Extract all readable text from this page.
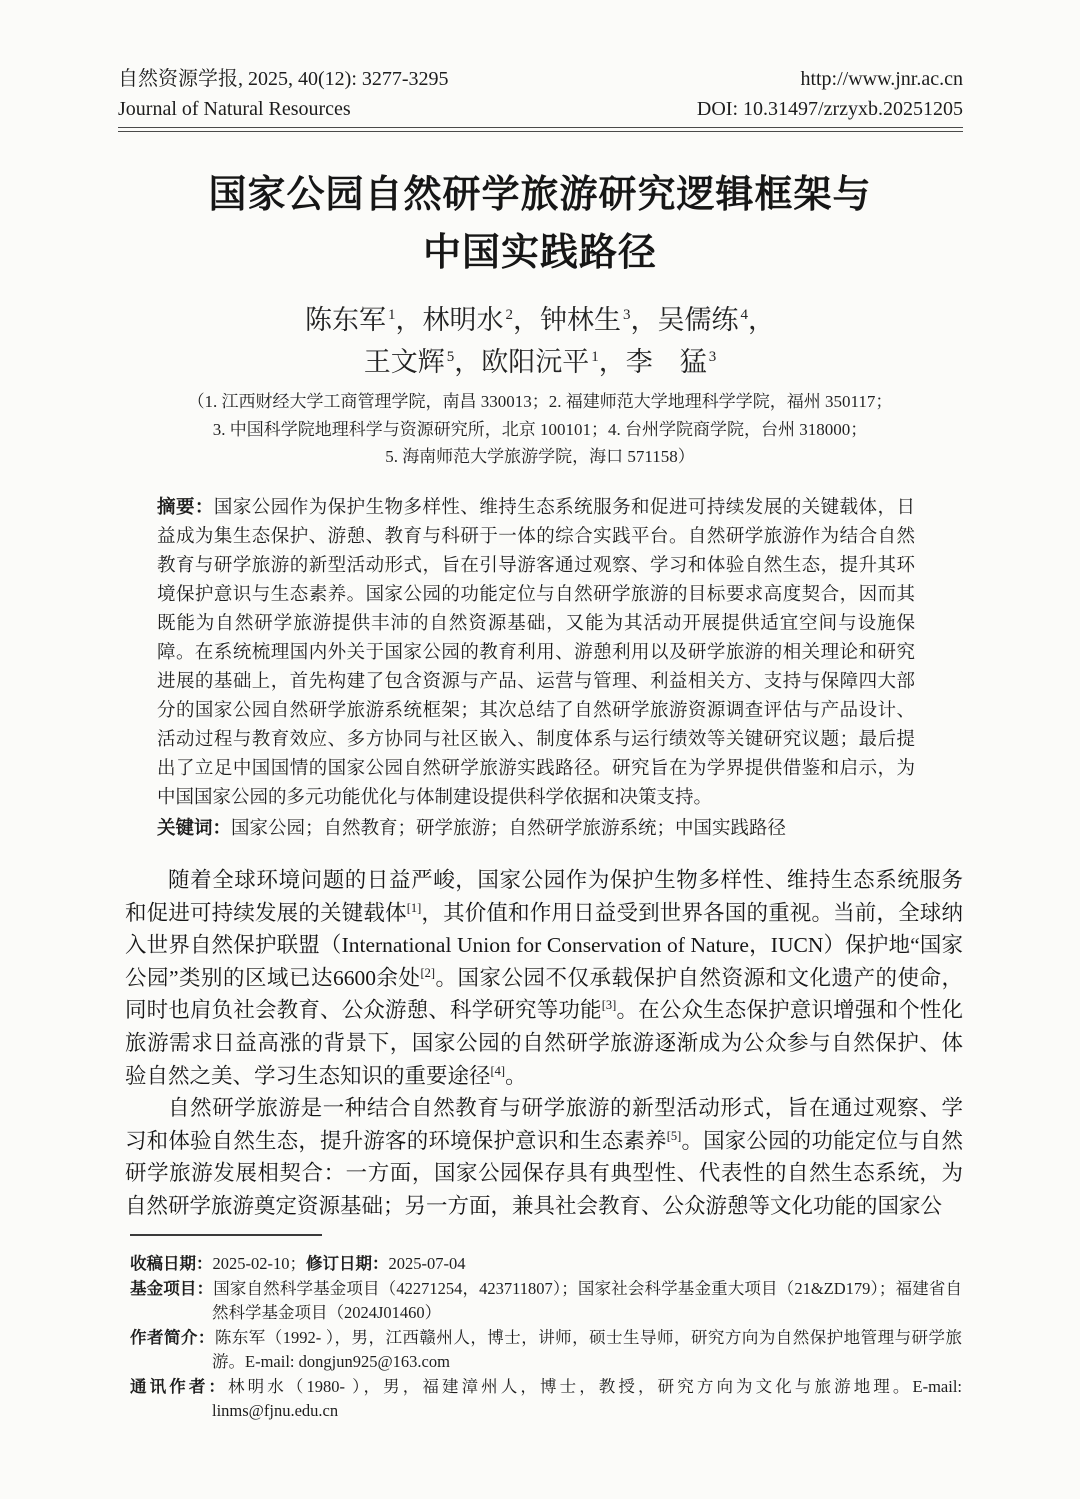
自然资源学报, 2025, 40(12): 3277-3295	http://www.jnr.ac.cn
Journal of Natural Resources	DOI: 10.31497/zrzyxb.20251205
国家公园自然研学旅游研究逻辑框架与
中国实践路径
陈东军 $^1$，林明水 $^2$，钟林生 $^3$，吴儒练 $^4$，
王文辉 $^5$，欧阳沅平 $^1$，李　猛 $^3$
（1. 江西财经大学工商管理学院，南昌 330013；2. 福建师范大学地理科学学院，福州 350117；
3. 中国科学院地理科学与资源研究所，北京 100101；4. 台州学院商学院，台州 318000；
5. 海南师范大学旅游学院，海口 571158）

摘要：国家公园作为保护生物多样性、维持生态系统服务和促进可持续发展的关键载体，日益成为集生态保护、游憩、教育与科研于一体的综合实践平台。自然研学旅游作为结合自然教育与研学旅游的新型活动形式，旨在引导游客通过观察、学习和体验自然生态，提升其环境保护意识与生态素养。国家公园的功能定位与自然研学旅游的目标要求高度契合，因而其既能为自然研学旅游提供丰沛的自然资源基础，又能为其活动开展提供适宜空间与设施保障。在系统梳理国内外关于国家公园的教育利用、游憩利用以及研学旅游的相关理论和研究进展的基础上，首先构建了包含资源与产品、运营与管理、利益相关方、支持与保障四大部分的国家公园自然研学旅游系统框架；其次总结了自然研学旅游资源调查评估与产品设计、活动过程与教育效应、多方协同与社区嵌入、制度体系与运行绩效等关键研究议题；最后提出了立足中国国情的国家公园自然研学旅游实践路径。研究旨在为学界提供借鉴和启示，为中国国家公园的多元功能优化与体制建设提供科学依据和决策支持。

关键词：国家公园；自然教育；研学旅游；自然研学旅游系统；中国实践路径

随着全球环境问题的日益严峻，国家公园作为保护生物多样性、维持生态系统服务和促进可持续发展的关键载体[1]，其价值和作用日益受到世界各国的重视。当前，全球纳入世界自然保护联盟（International Union for Conservation of Nature，IUCN）保护地“国家公园”类别的区域已达6600余处[2]。国家公园不仅承载保护自然资源和文化遗产的使命，同时也肩负社会教育、公众游憩、科学研究等功能[3]。在公众生态保护意识增强和个性化旅游需求日益高涨的背景下，国家公园的自然研学旅游逐渐成为公众参与自然保护、体验自然之美、学习生态知识的重要途径[4]。

自然研学旅游是一种结合自然教育与研学旅游的新型活动形式，旨在通过观察、学习和体验自然生态，提升游客的环境保护意识和生态素养[5]。国家公园的功能定位与自然研学旅游发展相契合：一方面，国家公园保存具有典型性、代表性的自然生态系统，为自然研学旅游奠定资源基础；另一方面，兼具社会教育、公众游憩等文化功能的国家公

收稿日期：2025-02-10；修订日期：2025-07-04

基金项目：国家自然科学基金项目（42271254，423711807）；国家社会科学基金重大项目（21&ZD179）；福建省自然科学基金项目（2024J01460）

作者简介：陈东军（1992- ），男，江西赣州人，博士，讲师，硕士生导师，研究方向为自然保护地管理与研学旅游。E-mail: dongjun925@163.com

通讯作者：林明水（1980- ），男，福建漳州人，博士，教授，研究方向为文化与旅游地理。E-mail: linms@fjnu.edu.cn
